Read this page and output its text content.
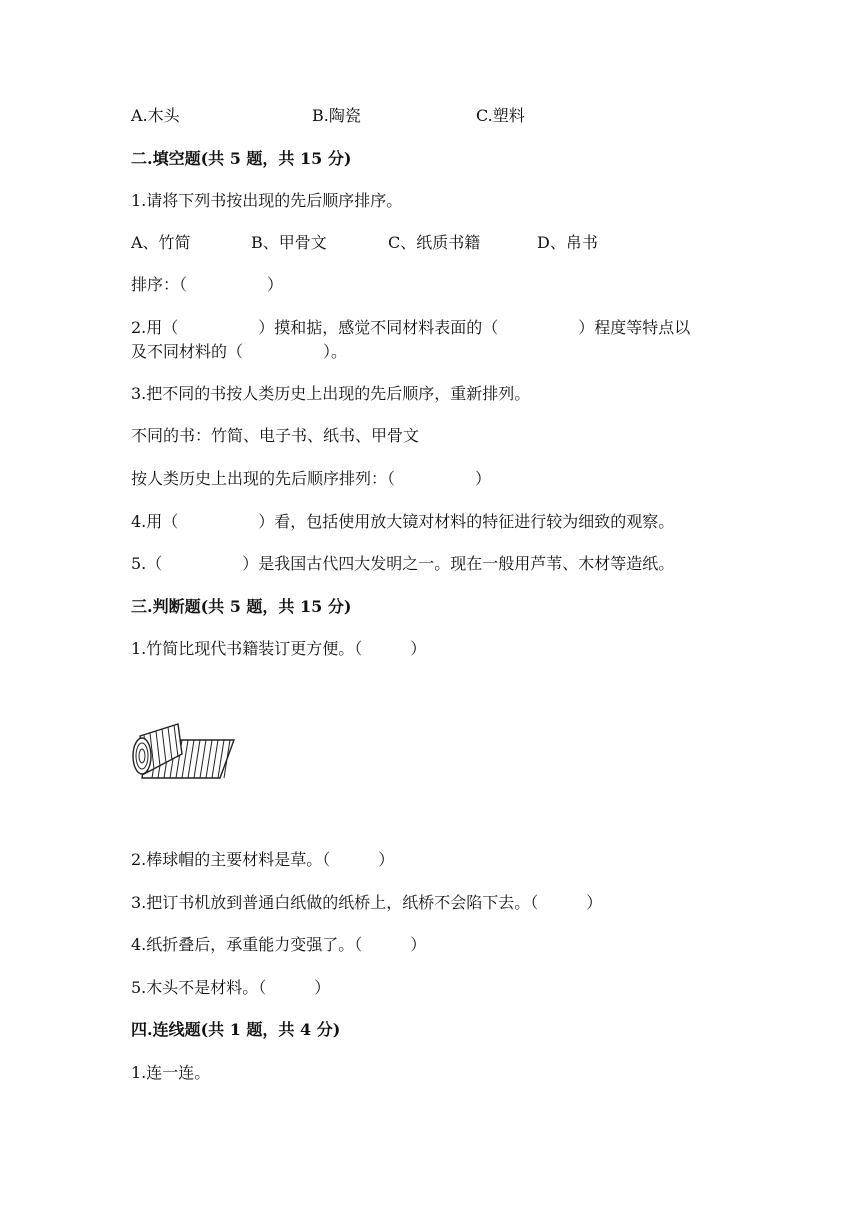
A.木头	B.陶瓷	C.塑料

二.填空题(共 5 题，共 15 分)

1.请将下列书按出现的先后顺序排序。

A、竹简	B、甲骨文	C、纸质书籍	D、帛书

排序：（　　　　　）

2.用（　　　　　）摸和掂，感觉不同材料表面的（　　　　　）程度等特点以

及不同材料的（　　　　　）。

3.把不同的书按人类历史上出现的先后顺序，重新排列。

不同的书：竹简、电子书、纸书、甲骨文

按人类历史上出现的先后顺序排列：（　　　　　）

4.用（　　　　　）看，包括使用放大镜对材料的特征进行较为细致的观察。

5.（　　　　　）是我国古代四大发明之一。现在一般用芦苇、木材等造纸。

三.判断题(共 5 题，共 15 分)

1.竹简比现代书籍装订更方便。（　　　）

2.棒球帽的主要材料是草。（　　　）

3.把订书机放到普通白纸做的纸桥上，纸桥不会陷下去。（　　　）

4.纸折叠后，承重能力变强了。（　　　）

5.木头不是材料。（　　　）

四.连线题(共 1 题，共 4 分)

1.连一连。
